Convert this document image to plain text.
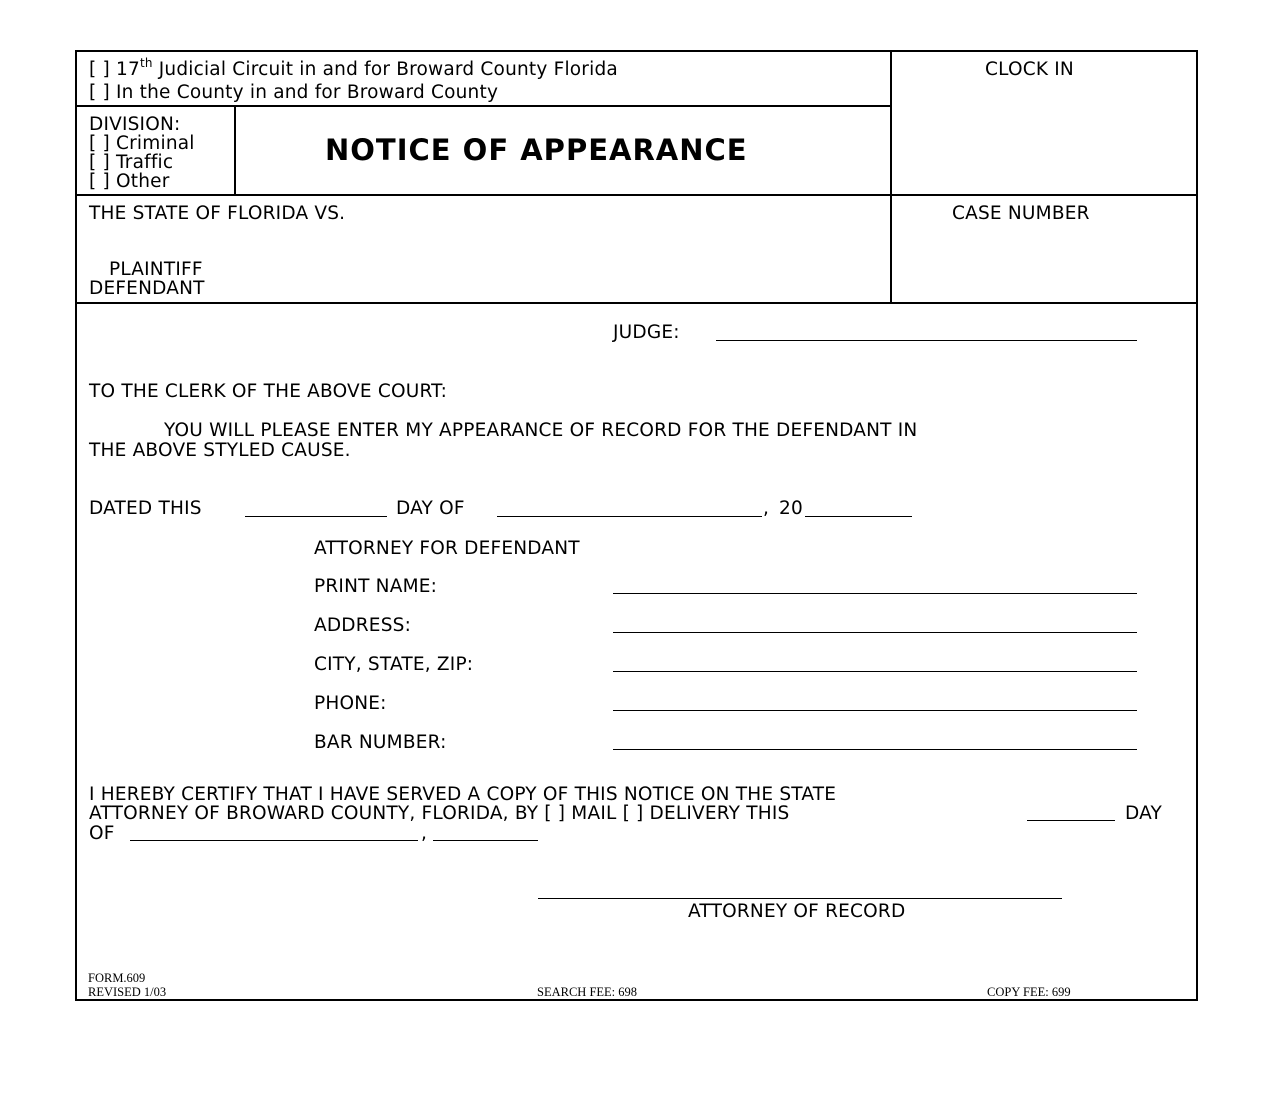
[ ] 17th Judicial Circuit in and for Broward County Florida
[ ] In the County in and for Broward County
CLOCK IN
DIVISION:
[ ] Criminal
[ ] Traffic
[ ] Other
NOTICE OF APPEARANCE
THE STATE OF FLORIDA VS.
PLAINTIFF
DEFENDANT
CASE NUMBER
JUDGE:
TO THE CLERK OF THE ABOVE COURT:
YOU WILL PLEASE ENTER MY APPEARANCE OF RECORD FOR THE DEFENDANT IN
THE ABOVE STYLED CAUSE.
DATED THIS	DAY OF	, 20
ATTORNEY FOR DEFENDANT
PRINT NAME:
ADDRESS:
CITY, STATE, ZIP:
PHONE:
BAR NUMBER:
I HEREBY CERTIFY THAT I HAVE SERVED A COPY OF THIS NOTICE ON THE STATE
ATTORNEY OF BROWARD COUNTY, FLORIDA, BY [ ] MAIL [ ] DELIVERY THIS	DAY
OF	,
ATTORNEY OF RECORD
FORM.609
REVISED 1/03	SEARCH FEE: 698	COPY FEE: 699
